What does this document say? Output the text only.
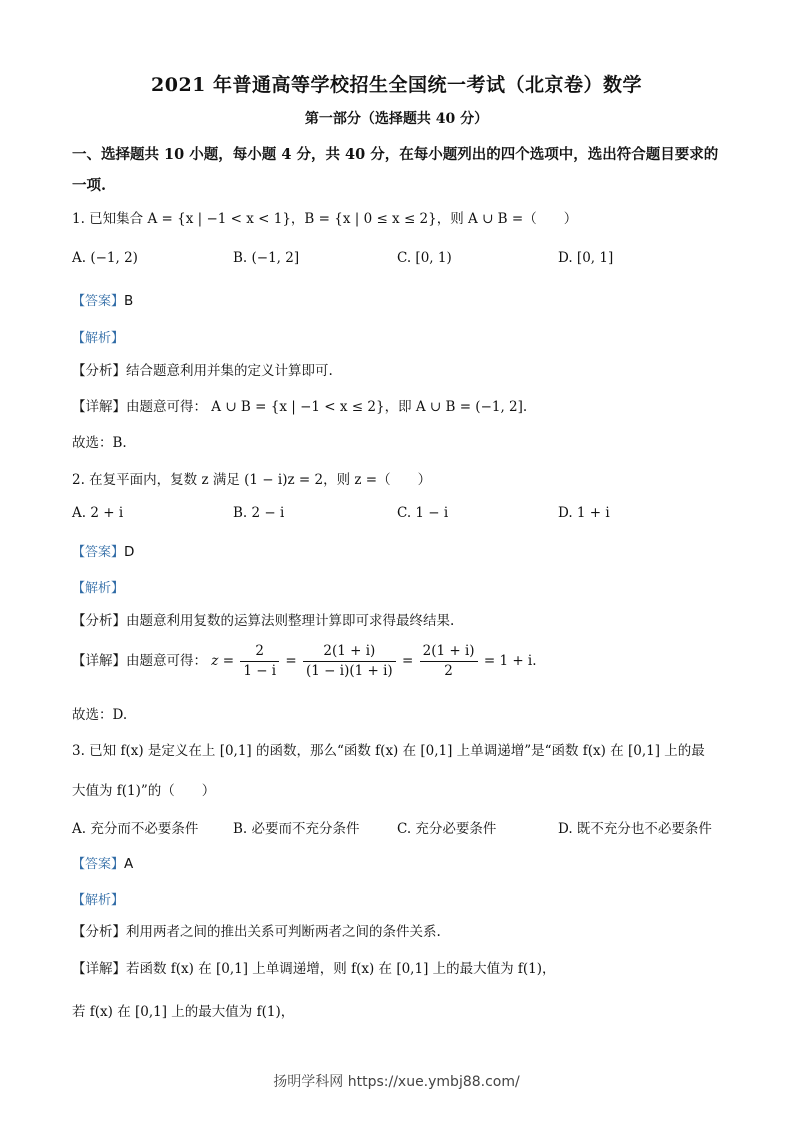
2021 年普通高等学校招生全国统一考试（北京卷）数学
第一部分（选择题共 40 分）
一、选择题共 10 小题，每小题 4 分，共 40 分，在每小题列出的四个选项中，选出符合题目要求的一项.
1. 已知集合 A = {x | −1 < x < 1}，B = {x | 0 ≤ x ≤ 2}，则 A ∪ B =（　　）
A. (−1, 2)	B. (−1, 2]	C. [0, 1)	D. [0, 1]
【答案】B
【解析】
【分析】结合题意利用并集的定义计算即可.
【详解】由题意可得： A ∪ B = {x | −1 < x ≤ 2}，即 A ∪ B = (−1, 2].
故选：B.
2. 在复平面内，复数 z 满足 (1 − i)z = 2，则 z =（　　）
A. 2 + i	B. 2 − i	C. 1 − i	D. 1 + i
【答案】D
【解析】
【分析】由题意利用复数的运算法则整理计算即可求得最终结果.
【详解】由题意可得： $z = \frac{2}{1 - i} = \frac{2(1 + i)}{(1 - i)(1 + i)} = \frac{2(1 + i)}{2} = 1 + i$.
故选：D.
3. 已知 f(x) 是定义在上 [0,1] 的函数，那么“函数 f(x) 在 [0,1] 上单调递增”是“函数 f(x) 在 [0,1] 上的最
大值为 f(1)”的（　　）
A. 充分而不必要条件	B. 必要而不充分条件	C. 充分必要条件	D. 既不充分也不必要条件
【答案】A
【解析】
【分析】利用两者之间的推出关系可判断两者之间的条件关系.
【详解】若函数 f(x) 在 [0,1] 上单调递增，则 f(x) 在 [0,1] 上的最大值为 f(1)，
若 f(x) 在 [0,1] 上的最大值为 f(1)，
扬明学科网 https://xue.ymbj88.com/
